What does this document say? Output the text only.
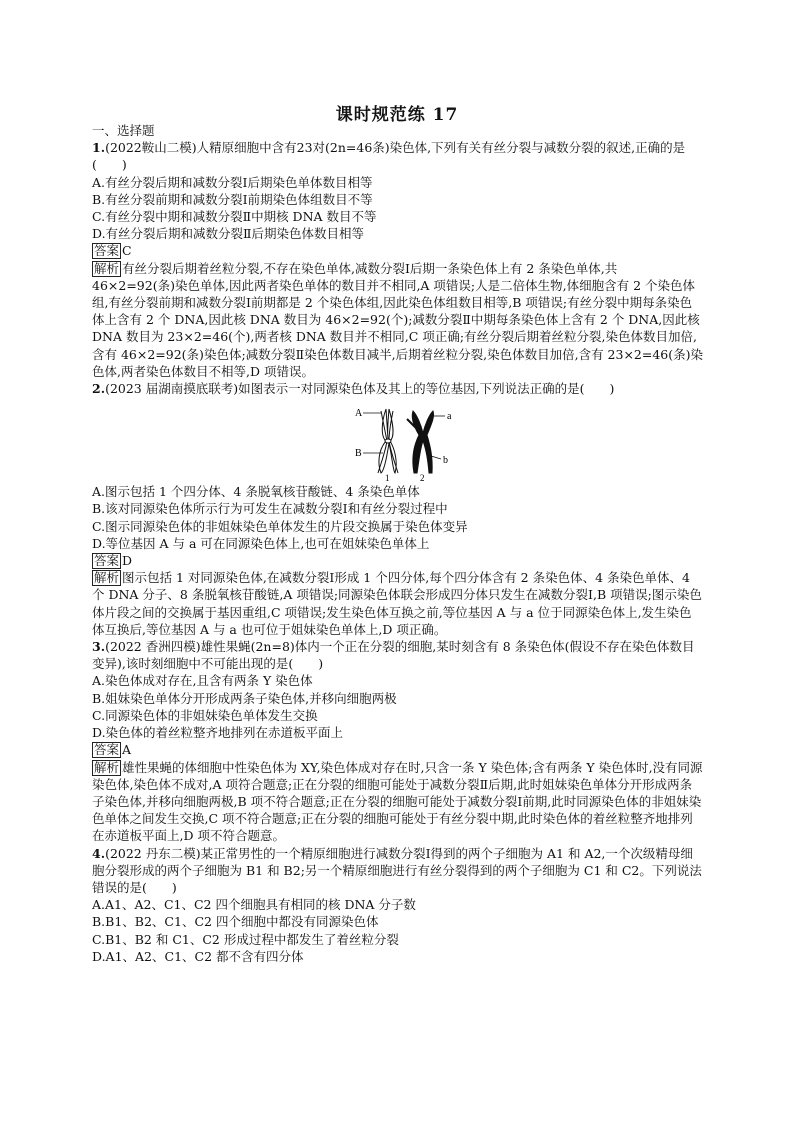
课时规范练 17

一、选择题

1.(2022鞍山二模)人精原细胞中含有23对(2n=46条)染色体,下列有关有丝分裂与减数分裂的叙述,正确的是(　　)

A.有丝分裂后期和减数分裂Ⅰ后期染色单体数目相等

B.有丝分裂前期和减数分裂Ⅰ前期染色体组数目不等

C.有丝分裂中期和减数分裂Ⅱ中期核 DNA 数目不等

D.有丝分裂后期和减数分裂Ⅱ后期染色体数目相等

答案 C

解析 有丝分裂后期着丝粒分裂,不存在染色单体,减数分裂Ⅰ后期一条染色体上有 2 条染色单体,共 46×2=92(条)染色单体,因此两者染色单体的数目并不相同,A 项错误;人是二倍体生物,体细胞含有 2 个染色体组,有丝分裂前期和减数分裂Ⅰ前期都是 2 个染色体组,因此染色体组数目相等,B 项错误;有丝分裂中期每条染色体上含有 2 个 DNA,因此核 DNA 数目为 46×2=92(个);减数分裂Ⅱ中期每条染色体上含有 2 个 DNA,因此核 DNA 数目为 23×2=46(个),两者核 DNA 数目并不相同,C 项正确;有丝分裂后期着丝粒分裂,染色体数目加倍,含有 46×2=92(条)染色体;减数分裂Ⅱ染色体数目减半,后期着丝粒分裂,染色体数目加倍,含有 23×2=46(条)染色体,两者染色体数目不相等,D 项错误。

2.(2023 届湖南摸底联考)如图表示一对同源染色体及其上的等位基因,下列说法正确的是(　　)

A
B
a
b
1	2

A.图示包括 1 个四分体、4 条脱氧核苷酸链、4 条染色单体

B.该对同源染色体所示行为可发生在减数分裂Ⅰ和有丝分裂过程中

C.图示同源染色体的非姐妹染色单体发生的片段交换属于染色体变异

D.等位基因 A 与 a 可在同源染色体上,也可在姐妹染色单体上

答案 D

解析 图示包括 1 对同源染色体,在减数分裂Ⅰ形成 1 个四分体,每个四分体含有 2 条染色体、4 条染色单体、4 个 DNA 分子、8 条脱氧核苷酸链,A 项错误;同源染色体联会形成四分体只发生在减数分裂Ⅰ,B 项错误;图示染色体片段之间的交换属于基因重组,C 项错误;发生染色体互换之前,等位基因 A 与 a 位于同源染色体上,发生染色体互换后,等位基因 A 与 a 也可位于姐妹染色单体上,D 项正确。

3.(2022 香洲四模)雄性果蝇(2n=8)体内一个正在分裂的细胞,某时刻含有 8 条染色体(假设不存在染色体数目变异),该时刻细胞中不可能出现的是(　　)

A.染色体成对存在,且含有两条 Y 染色体

B.姐妹染色单体分开形成两条子染色体,并移向细胞两极

C.同源染色体的非姐妹染色单体发生交换

D.染色体的着丝粒整齐地排列在赤道板平面上

答案 A

解析 雄性果蝇的体细胞中性染色体为 XY,染色体成对存在时,只含一条 Y 染色体;含有两条 Y 染色体时,没有同源染色体,染色体不成对,A 项符合题意;正在分裂的细胞可能处于减数分裂Ⅱ后期,此时姐妹染色单体分开形成两条子染色体,并移向细胞两极,B 项不符合题意;正在分裂的细胞可能处于减数分裂Ⅰ前期,此时同源染色体的非姐妹染色单体之间发生交换,C 项不符合题意;正在分裂的细胞可能处于有丝分裂中期,此时染色体的着丝粒整齐地排列在赤道板平面上,D 项不符合题意。

4.(2022 丹东二模)某正常男性的一个精原细胞进行减数分裂Ⅰ得到的两个子细胞为 A1 和 A2,一个次级精母细胞分裂形成的两个子细胞为 B1 和 B2;另一个精原细胞进行有丝分裂得到的两个子细胞为 C1 和 C2。下列说法错误的是(　　)

A.A1、A2、C1、C2 四个细胞具有相同的核 DNA 分子数

B.B1、B2、C1、C2 四个细胞中都没有同源染色体

C.B1、B2 和 C1、C2 形成过程中都发生了着丝粒分裂

D.A1、A2、C1、C2 都不含有四分体
